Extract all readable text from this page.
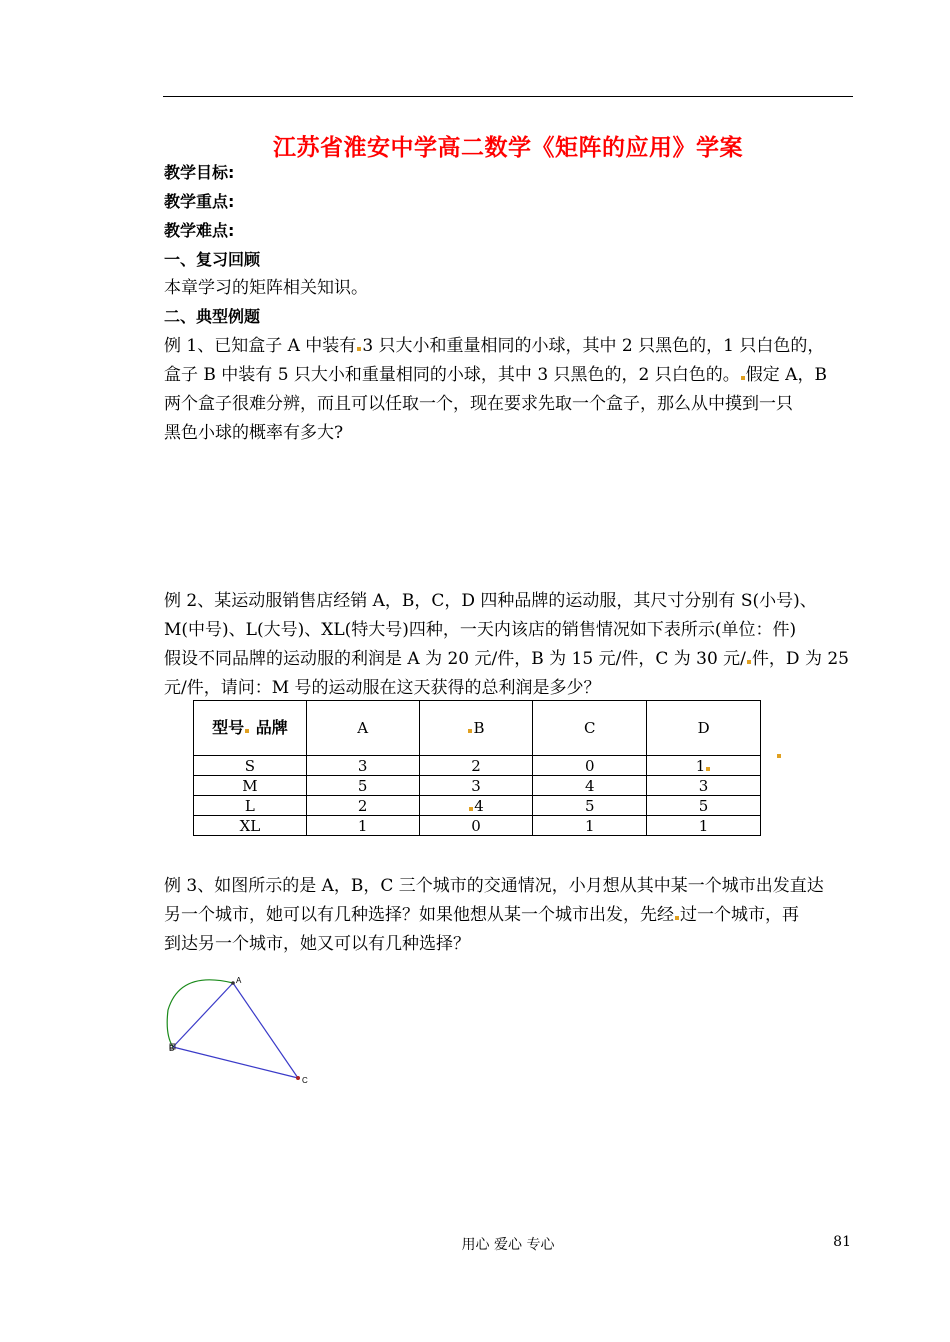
江苏省淮安中学高二数学《矩阵的应用》学案
教学目标:
教学重点:
教学难点:
一、复习回顾
本章学习的矩阵相关知识。
二、典型例题
例 1、已知盒子 A 中装有 3 只大小和重量相同的小球，其中 2 只黑色的，1 只白色的，
盒子 B 中装有 5 只大小和重量相同的小球，其中 3 只黑色的，2 只白色的。 假定 A，B
两个盒子很难分辨，而且可以任取一个，现在要求先取一个盒子，那么从中摸到一只
黑色小球的概率有多大?
例 2、某运动服销售店经销 A，B，C，D 四种品牌的运动服，其尺寸分别有 S(小号)、
M(中号)、L(大号)、XL(特大号)四种，一天内该店的销售情况如下表所示(单位：件)
假设不同品牌的运动服的利润是 A 为 20 元/件，B 为 15 元/件，C 为 30 元/ 件，D 为 25
元/件，请问：M 号的运动服在这天获得的总利润是多少？
型号 品牌	A	B	C	D
S	3	2	0	1
M	5	3	4	3
L	2	4	5	5
XL	1	0	1	1
例 3、如图所示的是 A，B，C 三个城市的交通情况，小月想从其中某一个城市出发直达
另一个城市，她可以有几种选择？如果他想从某一个城市出发，先经 过一个城市，再
到达另一个城市，她又可以有几种选择？
A
B
C
用心 爱心 专心	81
